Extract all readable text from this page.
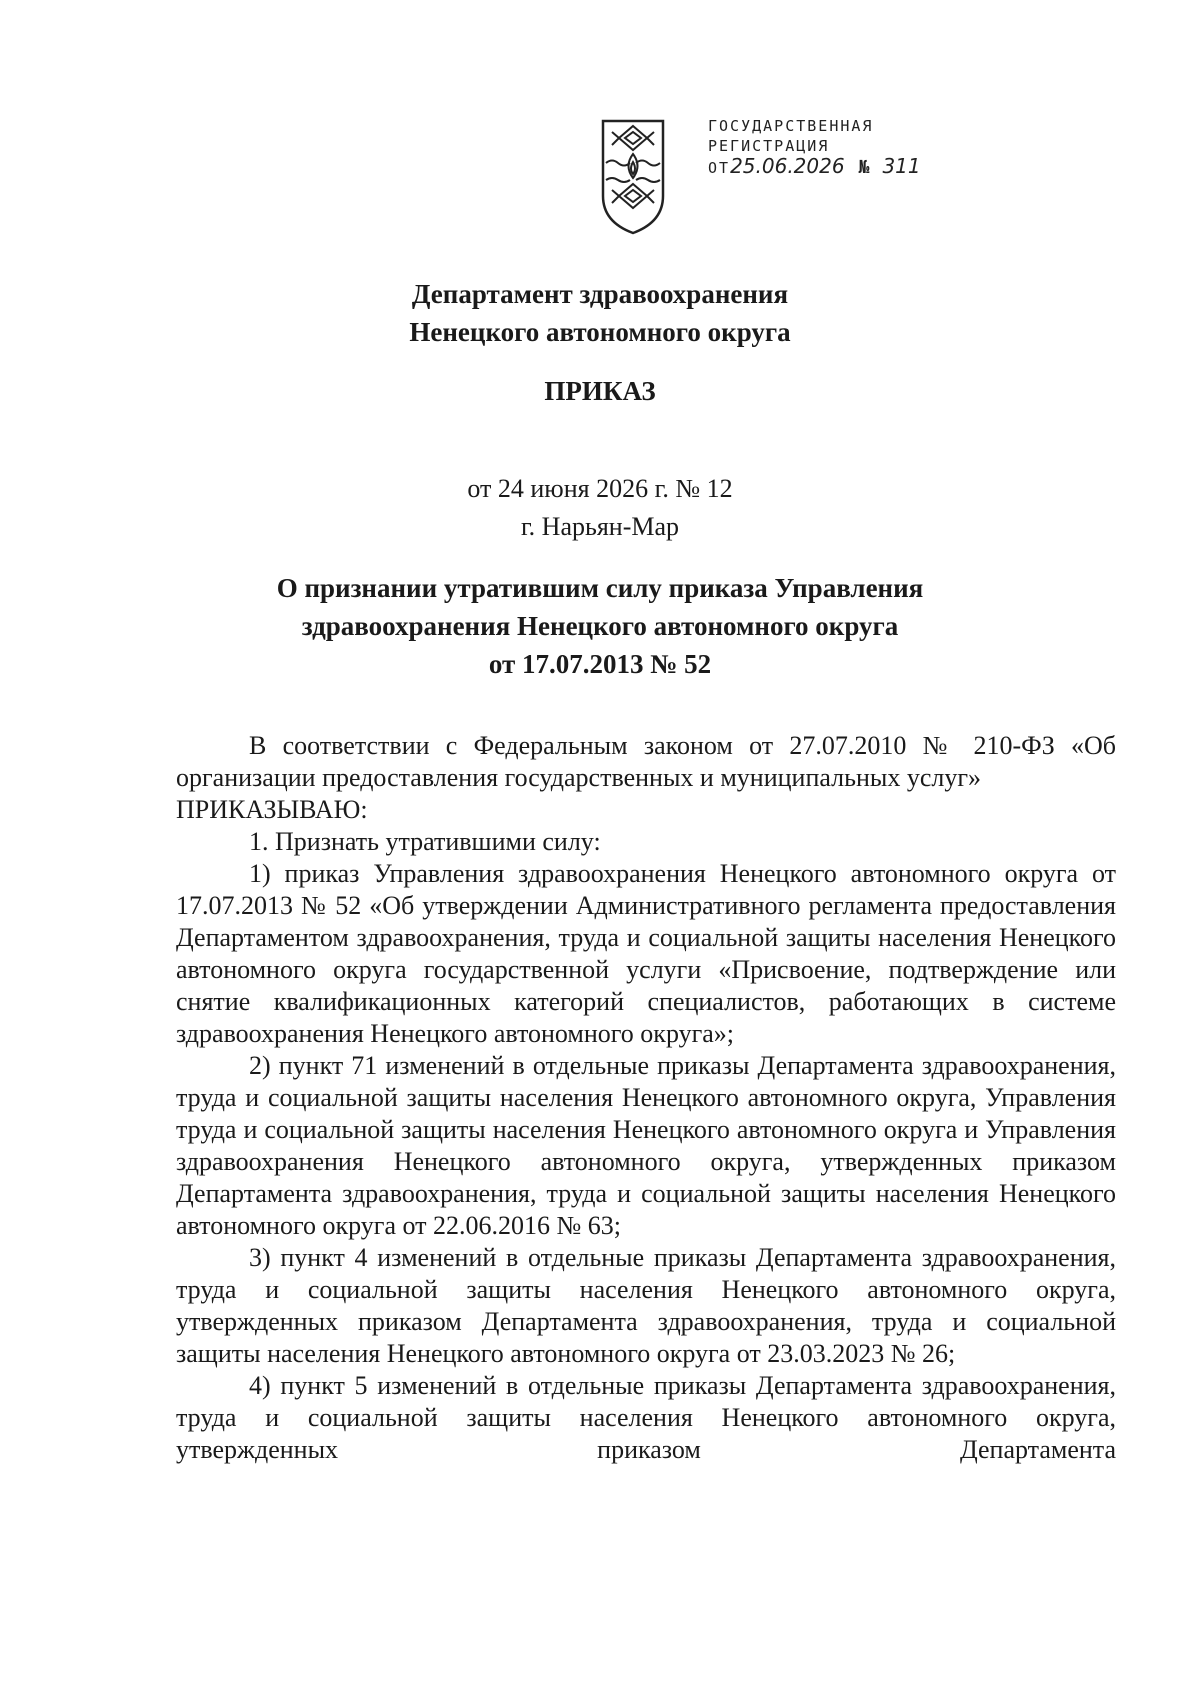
ГОСУДАРСТВЕННАЯ
РЕГИСТРАЦИЯ
ОТ25.06.2026 № 311
Департамент здравоохранения
Ненецкого автономного округа
ПРИКАЗ
от 24 июня 2026 г. № 12
г. Нарьян-Мар
О признании утратившим силу приказа Управления
здравоохранения Ненецкого автономного округа
от 17.07.2013 № 52

В соответствии с Федеральным законом от 27.07.2010 № 210-ФЗ «Об организации предоставления государственных и муниципальных услуг»

ПРИКАЗЫВАЮ:

1. Признать утратившими силу:

1) приказ Управления здравоохранения Ненецкого автономного округа от 17.07.2013 № 52 «Об утверждении Административного регламента предоставления Департаментом здравоохранения, труда и социальной защиты населения Ненецкого автономного округа государственной услуги «Присвоение, подтверждение или снятие квалификационных категорий специалистов, работающих в системе здравоохранения Ненецкого автономного округа»;

2) пункт 71 изменений в отдельные приказы Департамента здравоохранения, труда и социальной защиты населения Ненецкого автономного округа, Управления труда и социальной защиты населения Ненецкого автономного округа и Управления здравоохранения Ненецкого автономного округа, утвержденных приказом Департамента здравоохранения, труда и социальной защиты населения Ненецкого автономного округа от 22.06.2016 № 63;

3) пункт 4 изменений в отдельные приказы Департамента здравоохранения, труда и социальной защиты населения Ненецкого автономного округа, утвержденных приказом Департамента здравоохранения, труда и социальной защиты населения Ненецкого автономного округа от 23.03.2023 № 26;

4) пункт 5 изменений в отдельные приказы Департамента здравоохранения, труда и социальной защиты населения Ненецкого автономного округа, утвержденных приказом Департамента
